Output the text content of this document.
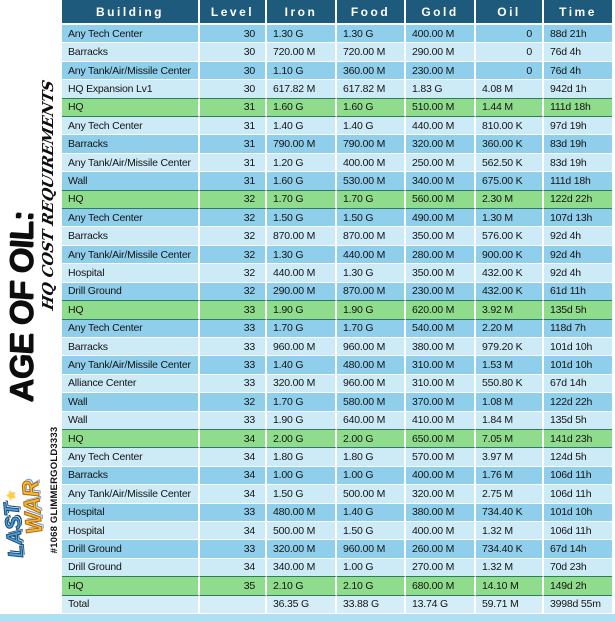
AGE OF OIL: HQ COST REQUIREMENTS
#1068 GLIMMERGOLD3333
LAST
★
WAR
Building	Level	Iron	Food	Gold	Oil	Time
Any Tech Center	30	1.30 G	1.30 G	400.00 M	0	88d 21h
Barracks	30	720.00 M	720.00 M	290.00 M	0	76d 4h
Any Tank/Air/Missile Center	30	1.10 G	360.00 M	230.00 M	0	76d 4h
HQ Expansion Lv1	30	617.82 M	617.82 M	1.83 G	4.08 M	942d 1h
HQ	31	1.60 G	1.60 G	510.00 M	1.44 M	111d 18h
Any Tech Center	31	1.40 G	1.40 G	440.00 M	810.00 K	97d 19h
Barracks	31	790.00 M	790.00 M	320.00 M	360.00 K	83d 19h
Any Tank/Air/Missile Center	31	1.20 G	400.00 M	250.00 M	562.50 K	83d 19h
Wall	31	1.60 G	530.00 M	340.00 M	675.00 K	111d 18h
HQ	32	1.70 G	1.70 G	560.00 M	2.30 M	122d 22h
Any Tech Center	32	1.50 G	1.50 G	490.00 M	1.30 M	107d 13h
Barracks	32	870.00 M	870.00 M	350.00 M	576.00 K	92d 4h
Any Tank/Air/Missile Center	32	1.30 G	440.00 M	280.00 M	900.00 K	92d 4h
Hospital	32	440.00 M	1.30 G	350.00 M	432.00 K	92d 4h
Drill Ground	32	290.00 M	870.00 M	230.00 M	432.00 K	61d 11h
HQ	33	1.90 G	1.90 G	620.00 M	3.92 M	135d 5h
Any Tech Center	33	1.70 G	1.70 G	540.00 M	2.20 M	118d 7h
Barracks	33	960.00 M	960.00 M	380.00 M	979.20 K	101d 10h
Any Tank/Air/Missile Center	33	1.40 G	480.00 M	310.00 M	1.53 M	101d 10h
Alliance Center	33	320.00 M	960.00 M	310.00 M	550.80 K	67d 14h
Wall	32	1.70 G	580.00 M	370.00 M	1.08 M	122d 22h
Wall	33	1.90 G	640.00 M	410.00 M	1.84 M	135d 5h
HQ	34	2.00 G	2.00 G	650.00 M	7.05 M	141d 23h
Any Tech Center	34	1.80 G	1.80 G	570.00 M	3.97 M	124d 5h
Barracks	34	1.00 G	1.00 G	400.00 M	1.76 M	106d 11h
Any Tank/Air/Missile Center	34	1.50 G	500.00 M	320.00 M	2.75 M	106d 11h
Hospital	33	480.00 M	1.40 G	380.00 M	734.40 K	101d 10h
Hospital	34	500.00 M	1.50 G	400.00 M	1.32 M	106d 11h
Drill Ground	33	320.00 M	960.00 M	260.00 M	734.40 K	67d 14h
Drill Ground	34	340.00 M	1.00 G	270.00 M	1.32 M	70d 23h
HQ	35	2.10 G	2.10 G	680.00 M	14.10 M	149d 2h
Total		36.35 G	33.88 G	13.74 G	59.71 M	3998d 55m
